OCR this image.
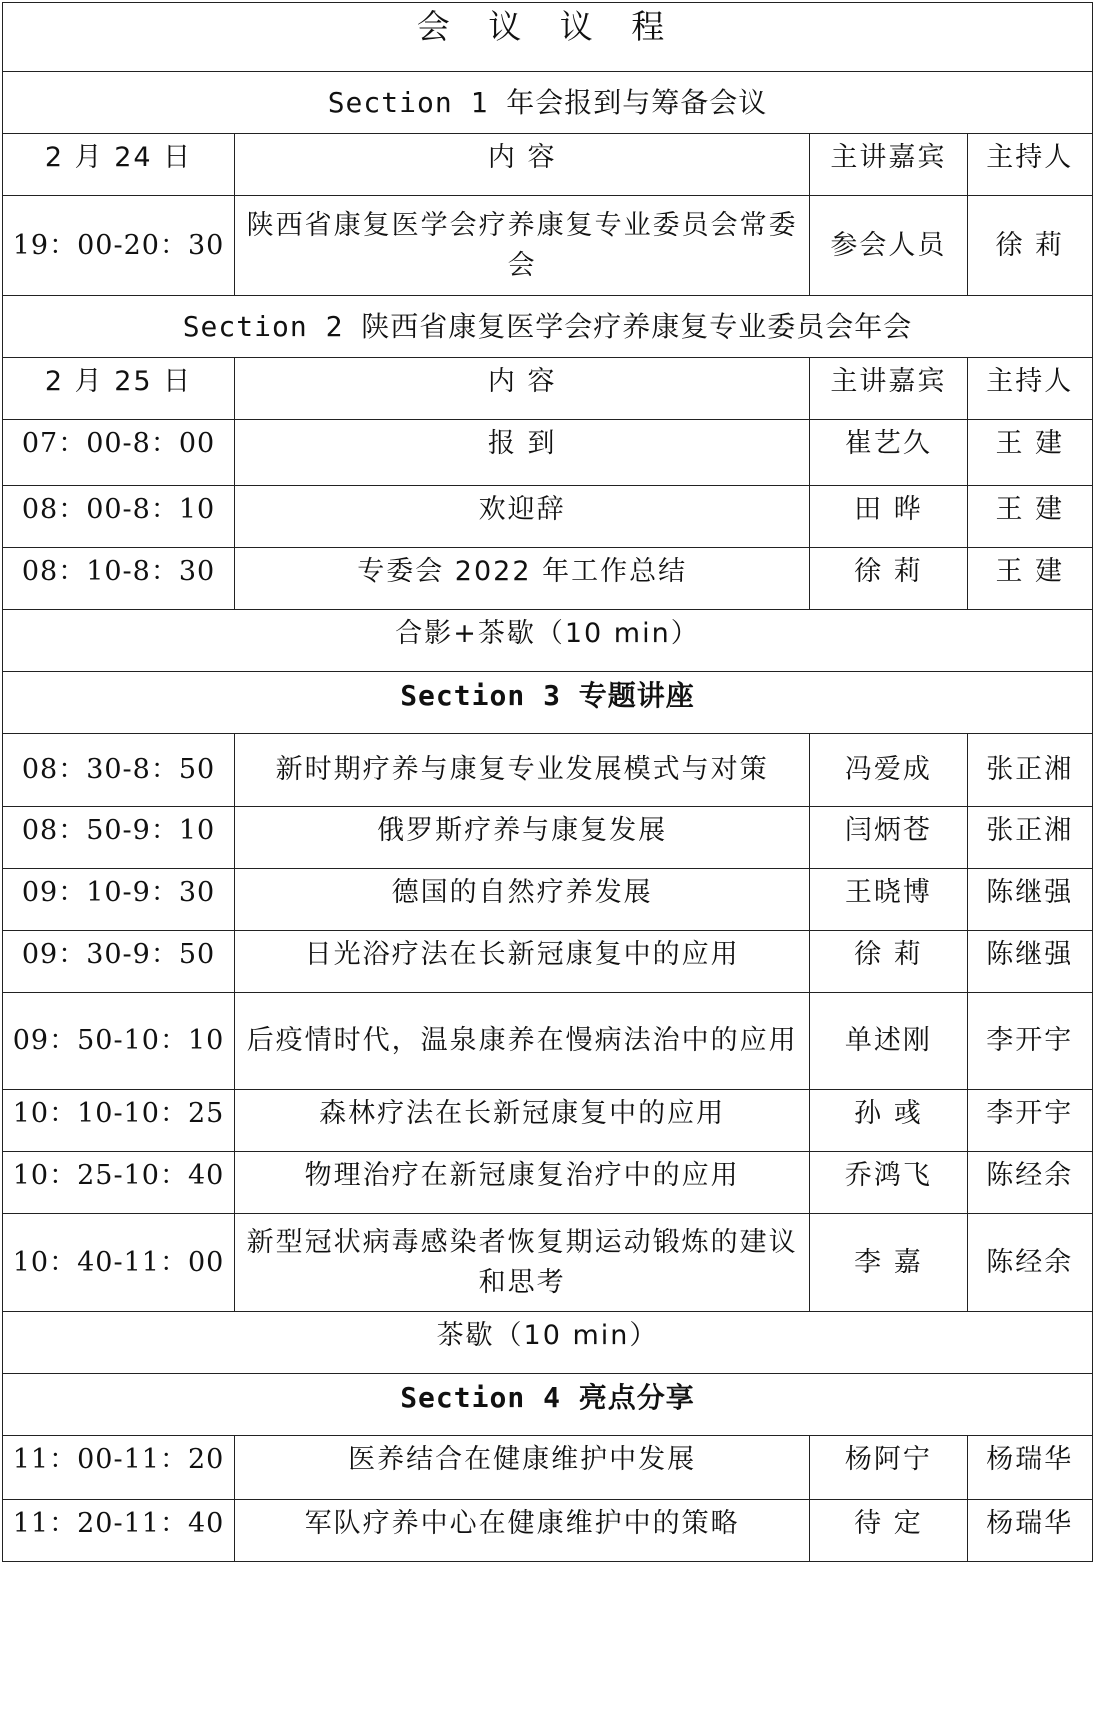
会 议 议 程			
Section 1 年会报到与筹备会议			
2 月 24 日	内 容	主讲嘉宾	主持人
19：00-20：30	陕西省康复医学会疗养康复专业委员会常委会	参会人员	徐 莉
Section 2 陕西省康复医学会疗养康复专业委员会年会			
2 月 25 日	内 容	主讲嘉宾	主持人
07：00-8：00	报 到	崔艺久	王 建
08：00-8：10	欢迎辞	田 晔	王 建
08：10-8：30	专委会 2022 年工作总结	徐 莉	王 建
合影+茶歇（10 min）			
Section 3 专题讲座			
08：30-8：50	新时期疗养与康复专业发展模式与对策	冯爱成	张正湘
08：50-9：10	俄罗斯疗养与康复发展	闫炳苍	张正湘
09：10-9：30	德国的自然疗养发展	王晓博	陈继强
09：30-9：50	日光浴疗法在长新冠康复中的应用	徐 莉	陈继强
09：50-10：10	后疫情时代，温泉康养在慢病法治中的应用	单述刚	李开宇
10：10-10：25	森林疗法在长新冠康复中的应用	孙 彧	李开宇
10：25-10：40	物理治疗在新冠康复治疗中的应用	乔鸿飞	陈经余
10：40-11：00	新型冠状病毒感染者恢复期运动锻炼的建议和思考	李 嘉	陈经余
茶歇（10 min）			
Section 4 亮点分享			
11：00-11：20	医养结合在健康维护中发展	杨阿宁	杨瑞华
11：20-11：40	军队疗养中心在健康维护中的策略	待 定	杨瑞华
